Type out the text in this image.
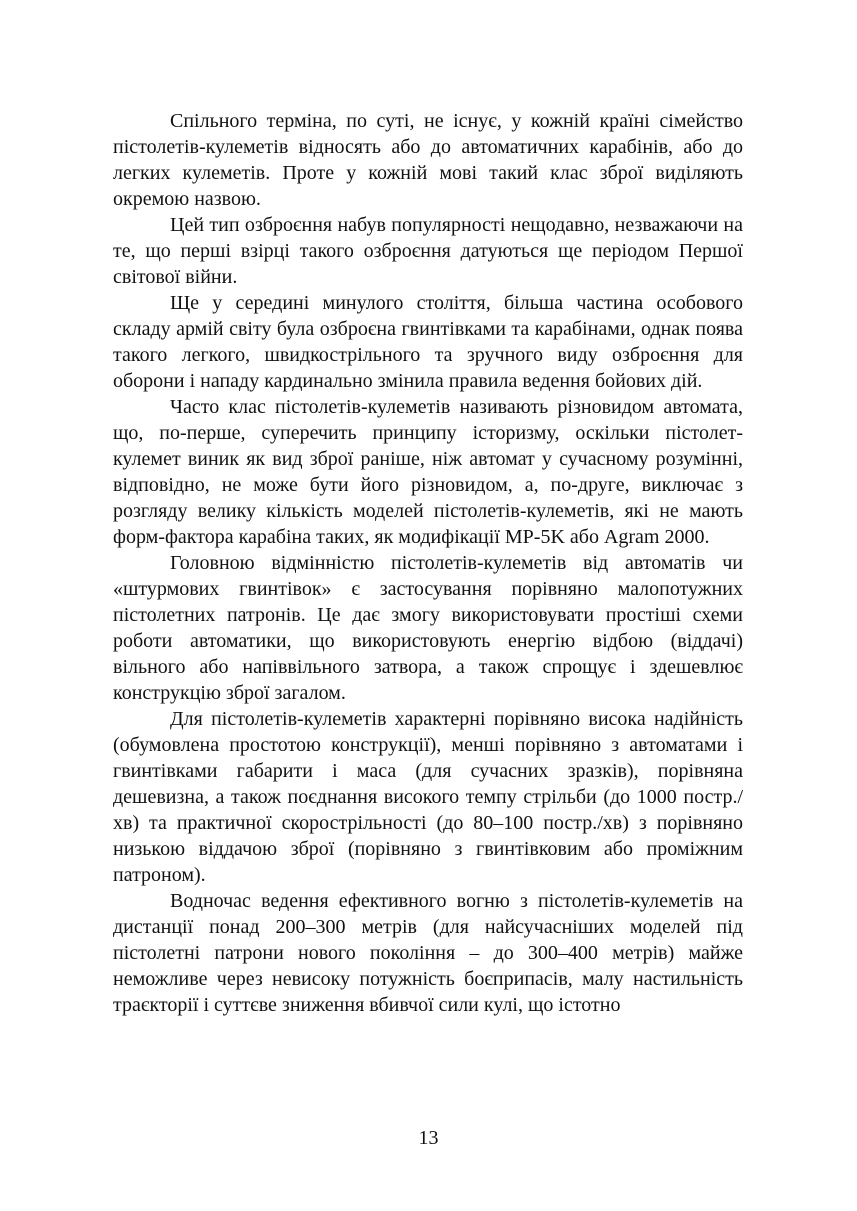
Спільного терміна, по суті, не існує, у кожній країні сімейство пістолетів-кулеметів відносять або до автоматичних карабінів, або до легких кулеметів. Проте у кожній мові такий клас зброї виділяють окремою назвою.

Цей тип озброєння набув популярності нещодавно, незважаючи на те, що перші взірці такого озброєння датуються ще періодом Першої світової війни.

Ще у середині минулого століття, більша частина особового складу армій світу була озброєна гвинтівками та карабінами, однак поява такого легкого, швидкострільного та зручного виду озброєння для оборони і нападу кардинально змінила правила ведення бойових дій.

Часто клас пістолетів-кулеметів називають різновидом автомата, що, по-перше, суперечить принципу історизму, оскільки пістолет-кулемет виник як вид зброї раніше, ніж автомат у сучасному розумінні, відповідно, не може бути його різновидом, а, по-друге, виключає з розгляду велику кількість моделей пістолетів-кулеметів, які не мають форм-фактора карабіна таких, як модифікації MP-5K або Agram 2000.

Головною відмінністю пістолетів-кулеметів від автоматів чи «штурмових гвинтівок» є застосування порівняно малопотужних пістолетних патронів. Це дає змогу використовувати простіші схеми роботи автоматики, що використовують енергію відбою (віддачі) вільного або напіввільного затвора, а також спрощує і здешевлює конструкцію зброї загалом.

Для пістолетів-кулеметів характерні порівняно висока надійність (обумовлена простотою конструкції), менші порівняно з автоматами і гвинтівками габарити і маса (для сучасних зразків), порівняна дешевизна, а також поєднання високого темпу стрільби (до 1000 постр./хв) та практичної скорострільності (до 80–100 постр./хв) з порівняно низькою віддачою зброї (порівняно з гвинтівковим або проміжним патроном).

Водночас ведення ефективного вогню з пістолетів-кулеметів на дистанції понад 200–300 метрів (для найсучасніших моделей під пістолетні патрони нового покоління – до 300–400 метрів) майже неможливе через невисоку потужність боєприпасів, малу настильність траєкторії і суттєве зниження вбивчої сили кулі, що істотно

13
